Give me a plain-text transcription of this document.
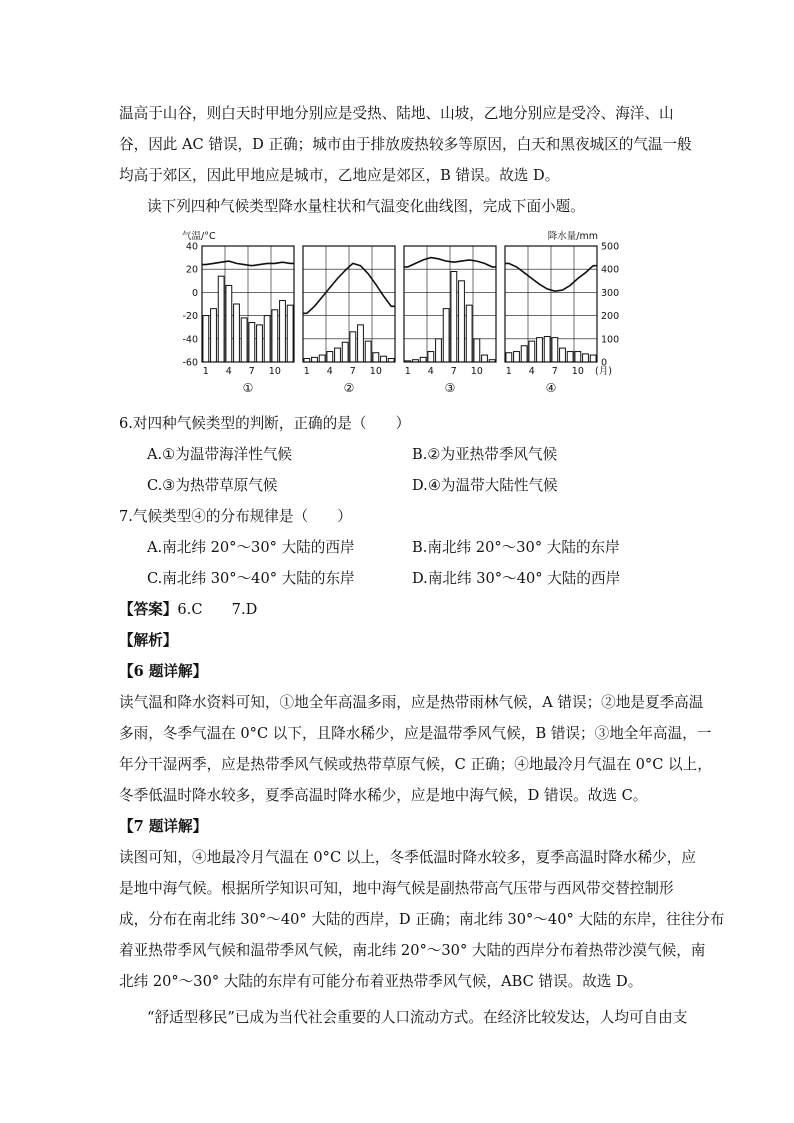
温高于山谷，则白天时甲地分别应是受热、陆地、山坡，乙地分别应是受冷、海洋、山
谷，因此 AC 错误，D 正确；城市由于排放废热较多等原因，白天和黑夜城区的气温一般
均高于郊区，因此甲地应是城市，乙地应是郊区，B 错误。故选 D。
读下列四种气候类型降水量柱状和气温变化曲线图，完成下面小题。
气温/°C	降水量/mm
40
20
0
-20
-40
-60
1 4 7 10
①
1 4 7 10
②
1 4 7 10
③
1 4 7 10
④
(月)
500
400
300
200
100
0
6.对四种气候类型的判断，正确的是（　　）
A.①为温带海洋性气候	B.②为亚热带季风气候
C.③为热带草原气候	D.④为温带大陆性气候
7.气候类型④的分布规律是（　　）
A.南北纬 20°～30° 大陆的西岸	B.南北纬 20°～30° 大陆的东岸
C.南北纬 30°～40° 大陆的东岸	D.南北纬 30°～40° 大陆的西岸
【答案】6.C　　7.D
【解析】
【6 题详解】
读气温和降水资料可知，①地全年高温多雨，应是热带雨林气候，A 错误；②地是夏季高温
多雨，冬季气温在 0°C 以下，且降水稀少，应是温带季风气候，B 错误；③地全年高温，一
年分干湿两季，应是热带季风气候或热带草原气候，C 正确；④地最冷月气温在 0°C 以上，
冬季低温时降水较多，夏季高温时降水稀少，应是地中海气候，D 错误。故选 C。
【7 题详解】
读图可知，④地最冷月气温在 0°C 以上，冬季低温时降水较多，夏季高温时降水稀少，应
是地中海气候。根据所学知识可知，地中海气候是副热带高气压带与西风带交替控制形
成，分布在南北纬 30°～40° 大陆的西岸，D 正确；南北纬 30°～40° 大陆的东岸，往往分布
着亚热带季风气候和温带季风气候，南北纬 20°～30° 大陆的西岸分布着热带沙漠气候，南
北纬 20°～30° 大陆的东岸有可能分布着亚热带季风气候，ABC 错误。故选 D。
“舒适型移民”已成为当代社会重要的人口流动方式。在经济比较发达，人均可自由支
